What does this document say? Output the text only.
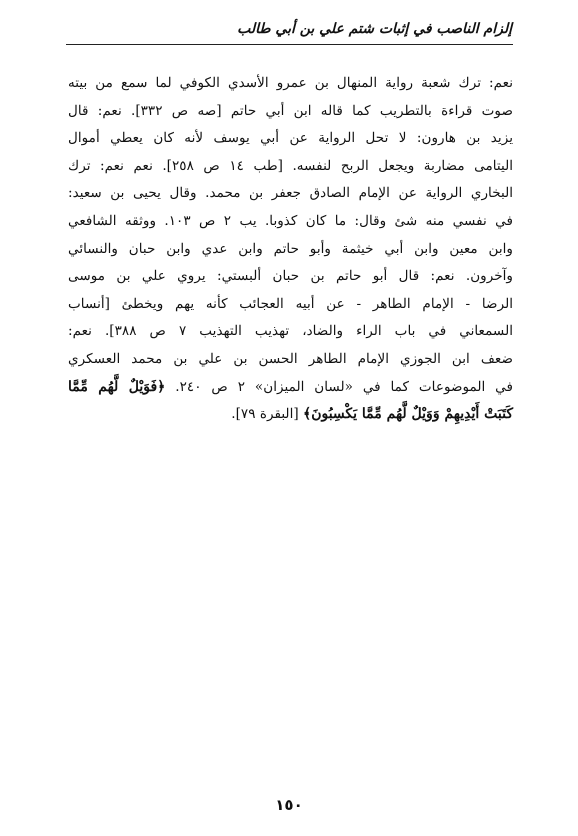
إلزام الناصب في إثبات شتم علي بن أبي طالب
نعم: ترك شعبة رواية المنهال بن عمرو الأسدي الكوفي لما سمع من بيته
صوت قراءة بالتطريب كما قاله ابن أبي حاتم [صه ص ٣٣٢]. نعم: قال
يزيد بن هارون: لا تحل الرواية عن أبي يوسف لأنه كان يعطي أموال
اليتامى مضاربة ويجعل الربح لنفسه. [طب ١٤ ص ٢٥٨]. نعم نعم: ترك
البخاري الرواية عن الإمام الصادق جعفر بن محمد. وقال يحيى بن سعيد:
في نفسي منه شئ وقال: ما كان كذوبا. يب ٢ ص ١٠٣. ووثقه الشافعي
وابن معين وابن أبي خيثمة وأبو حاتم وابن عدي وابن حبان والنسائي
وآخرون. نعم: قال أبو حاتم بن حبان ألبستي: يروي علي بن موسى
الرضا - الإمام الطاهر - عن أبيه العجائب كأنه يهم ويخطئ [أنساب
السمعاني في باب الراء والضاد، تهذيب التهذيب ٧ ص ٣٨٨]. نعم:
ضعف ابن الجوزي الإمام الطاهر الحسن بن علي بن محمد العسكري
في الموضوعات كما في «لسان الميزان» ٢ ص ٢٤٠. ﴿فَوَيْلٌ لَّهُم مِّمَّا
كَتَبَتْ أَيْدِيهِمْ وَوَيْلٌ لَّهُم مِّمَّا يَكْسِبُونَ﴾ [البقرة ٧٩].
١٥٠
